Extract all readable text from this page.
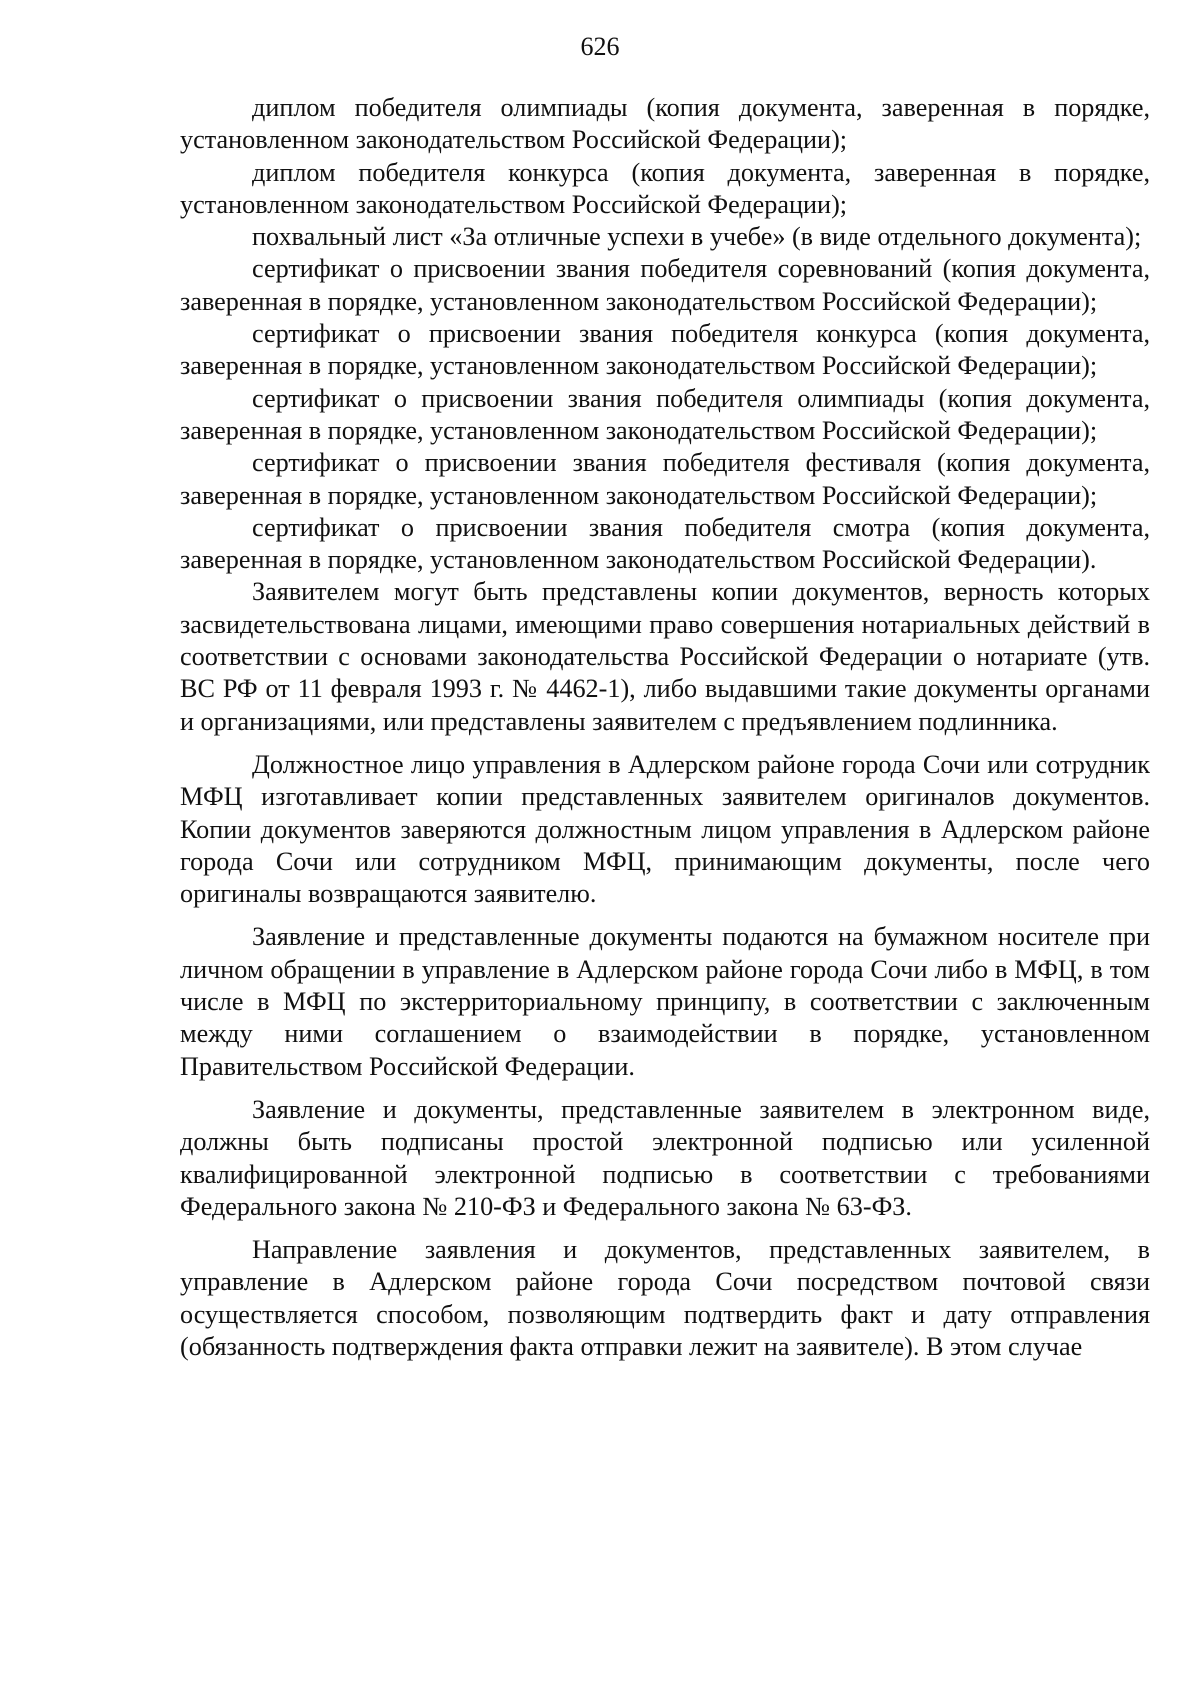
626

диплом победителя олимпиады (копия документа, заверенная в порядке, установленном законодательством Российской Федерации);

диплом победителя конкурса (копия документа, заверенная в порядке, установленном законодательством Российской Федерации);

похвальный лист «За отличные успехи в учебе» (в виде отдельного документа);

сертификат о присвоении звания победителя соревнований (копия документа, заверенная в порядке, установленном законодательством Российской Федерации);

сертификат о присвоении звания победителя конкурса (копия документа, заверенная в порядке, установленном законодательством Российской Федерации);

сертификат о присвоении звания победителя олимпиады (копия документа, заверенная в порядке, установленном законодательством Российской Федерации);

сертификат о присвоении звания победителя фестиваля (копия документа, заверенная в порядке, установленном законодательством Российской Федерации);

сертификат о присвоении звания победителя смотра (копия документа, заверенная в порядке, установленном законодательством Российской Федерации).

Заявителем могут быть представлены копии документов, верность которых засвидетельствована лицами, имеющими право совершения нотариальных действий в соответствии с основами законодательства Российской Федерации о нотариате (утв. ВС РФ от 11 февраля 1993 г. № 4462-1), либо выдавшими такие документы органами и организациями, или представлены заявителем с предъявлением подлинника.

Должностное лицо управления в Адлерском районе города Сочи или сотрудник МФЦ изготавливает копии представленных заявителем оригиналов документов. Копии документов заверяются должностным лицом управления в Адлерском районе города Сочи или сотрудником МФЦ, принимающим документы, после чего оригиналы возвращаются заявителю.

Заявление и представленные документы подаются на бумажном носителе при личном обращении в управление в Адлерском районе города Сочи либо в МФЦ, в том числе в МФЦ по экстерриториальному принципу, в соответствии с заключенным между ними соглашением о взаимодействии в порядке, установленном Правительством Российской Федерации.

Заявление и документы, представленные заявителем в электронном виде, должны быть подписаны простой электронной подписью или усиленной квалифицированной электронной подписью в соответствии с требованиями Федерального закона № 210-ФЗ и Федерального закона № 63-ФЗ.

Направление заявления и документов, представленных заявителем, в управление в Адлерском районе города Сочи посредством почтовой связи осуществляется способом, позволяющим подтвердить факт и дату отправления (обязанность подтверждения факта отправки лежит на заявителе). В этом случае
